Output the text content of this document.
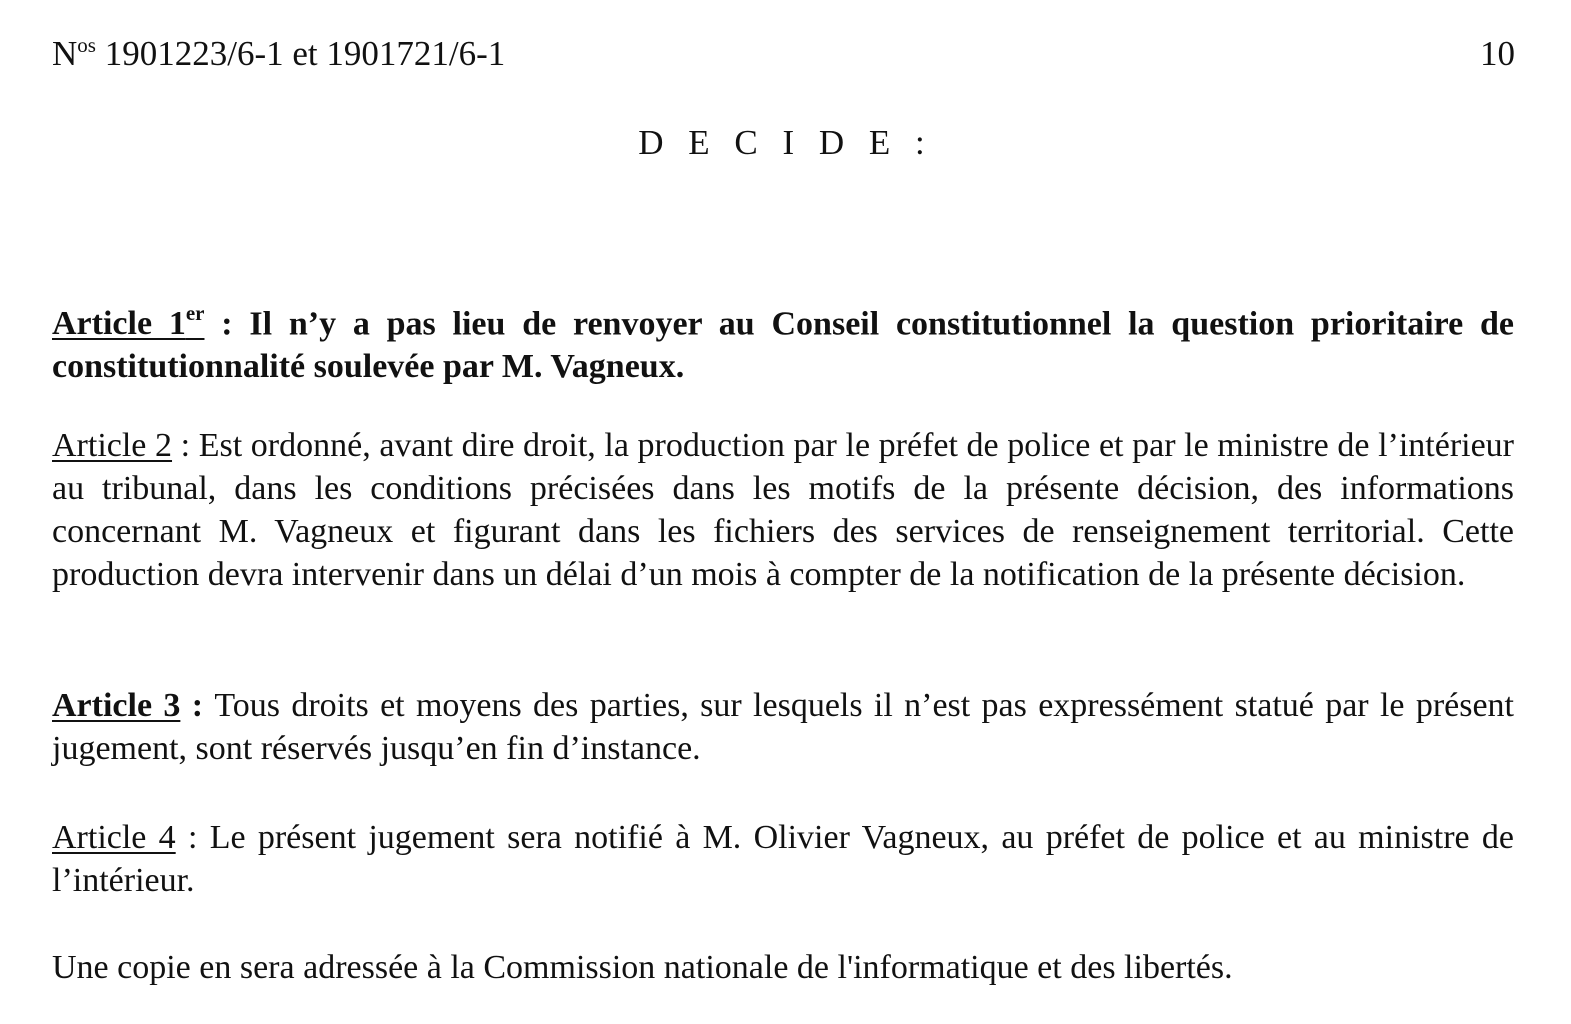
$N^{os}$ 1901223/6-1 et 1901721/6-1	10
D E C I D E :
Article 1er : Il n’y a pas lieu de renvoyer au Conseil constitutionnel la question prioritaire de constitutionnalité soulevée par M. Vagneux.
Article 2 : Est ordonné, avant dire droit, la production par le préfet de police et par le ministre de l’intérieur au tribunal, dans les conditions précisées dans les motifs de la présente décision, des informations concernant M. Vagneux et figurant dans les fichiers des services de renseignement territorial. Cette production devra intervenir dans un délai d’un mois à compter de la notification de la présente décision.
Article 3 : Tous droits et moyens des parties, sur lesquels il n’est pas expressément statué par le présent jugement, sont réservés jusqu’en fin d’instance.
Article 4 : Le présent jugement sera notifié à M. Olivier Vagneux, au préfet de police et au ministre de l’intérieur.
Une copie en sera adressée à la Commission nationale de l'informatique et des libertés.
